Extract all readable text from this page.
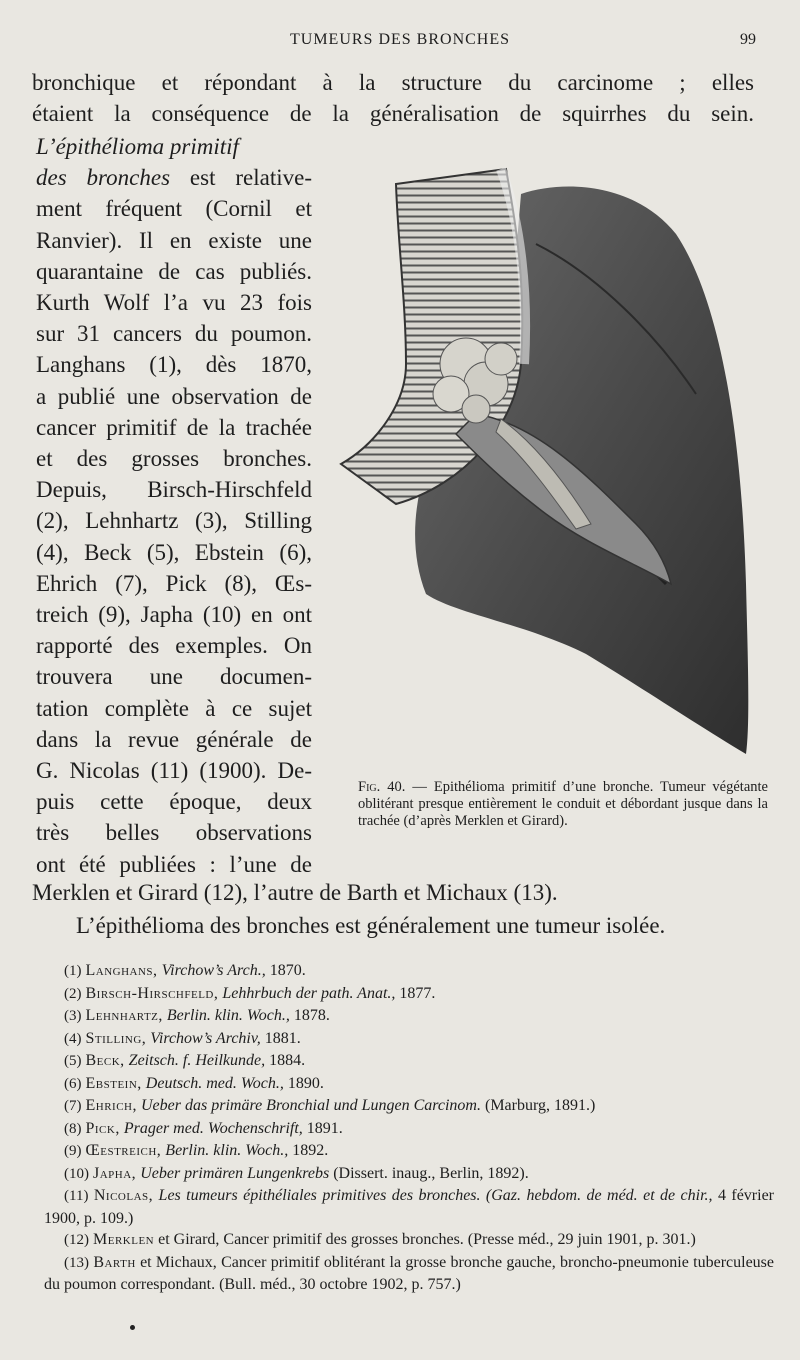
TUMEURS DES BRONCHES	99
bronchique et répondant à la structure du carcinome ; elles
étaient la conséquence de la généralisation de squirrhes du sein.
L’épithélioma primitif
des bronches est relative-
ment fréquent (Cornil et
Ranvier). Il en existe une
quarantaine de cas publiés.
Kurth Wolf l’a vu 23 fois
sur 31 cancers du poumon.
Langhans (1), dès 1870,
a publié une observation de
cancer primitif de la trachée
et des grosses bronches.
Depuis, Birsch-Hirschfeld
(2), Lehnhartz (3), Stilling
(4), Beck (5), Ebstein (6),
Ehrich (7), Pick (8), Œs-
treich (9), Japha (10) en ont
rapporté des exemples. On
trouvera une documen-
tation complète à ce sujet
dans la revue générale de
G. Nicolas (11) (1900). De-
puis cette époque, deux
très belles observations
ont été publiées : l’une de
Merklen et Girard (12), l’autre de Barth et Michaux (13).
L’épithélioma des bronches est généralement une tumeur isolée.
Fig. 40. — Epithélioma primitif d’une bronche. Tumeur végétante oblitérant presque entièrement le conduit et débordant jusque dans la trachée (d’après Merklen et Girard).

(1) Langhans, Virchow’s Arch., 1870.

(2) Birsch-Hirschfeld, Lehhrbuch der path. Anat., 1877.

(3) Lehnhartz, Berlin. klin. Woch., 1878.

(4) Stilling, Virchow’s Archiv, 1881.

(5) Beck, Zeitsch. f. Heilkunde, 1884.

(6) Ebstein, Deutsch. med. Woch., 1890.

(7) Ehrich, Ueber das primäre Bronchial und Lungen Carcinom. (Marburg, 1891.)

(8) Pick, Prager med. Wochenschrift, 1891.

(9) Œestreich, Berlin. klin. Woch., 1892.

(10) Japha, Ueber primären Lungenkrebs (Dissert. inaug., Berlin, 1892).

(11) Nicolas, Les tumeurs épithéliales primitives des bronches. (Gaz. hebdom. de méd. et de chir., 4 février 1900, p. 109.)

(12) Merklen et Girard, Cancer primitif des grosses bronches. (Presse méd., 29 juin 1901, p. 301.)

(13) Barth et Michaux, Cancer primitif oblitérant la grosse bronche gauche, broncho-pneumonie tuberculeuse du poumon correspondant. (Bull. méd., 30 octobre 1902, p. 757.)
